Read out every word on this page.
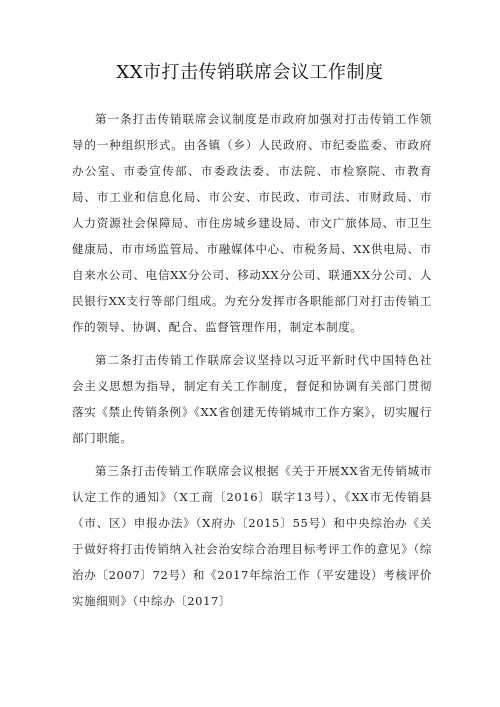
XX市打击传销联席会议工作制度

第一条打击传销联席会议制度是市政府加强对打击传销工作领导的一种组织形式。由各镇（乡）人民政府、市纪委监委、市政府办公室、市委宣传部、市委政法委、市法院、市检察院、市教育局、市工业和信息化局、市公安、市民政、市司法、市财政局、市人力资源社会保障局、市住房城乡建设局、市文广旅体局、市卫生健康局、市市场监管局、市融媒体中心、市税务局、XX供电局、市自来水公司、电信XX分公司、移动XX分公司、联通XX分公司、人民银行XX支行等部门组成。为充分发挥市各职能部门对打击传销工作的领导、协调、配合、监督管理作用，制定本制度。

第二条打击传销工作联席会议坚持以习近平新时代中国特色社会主义思想为指导，制定有关工作制度，督促和协调有关部门贯彻落实《禁止传销条例》《XX省创建无传销城市工作方案》，切实履行部门职能。

第三条打击传销工作联席会议根据《关于开展XX省无传销城市认定工作的通知》（X工商〔2016〕联字13号）、《XX市无传销县（市、区）申报办法》（X府办〔2015〕55号）和中央综治办《关于做好将打击传销纳入社会治安综合治理目标考评工作的意见》（综治办〔2007〕72号）和《2017年综治工作（平安建设）考核评价实施细则》（中综办〔2017〕
